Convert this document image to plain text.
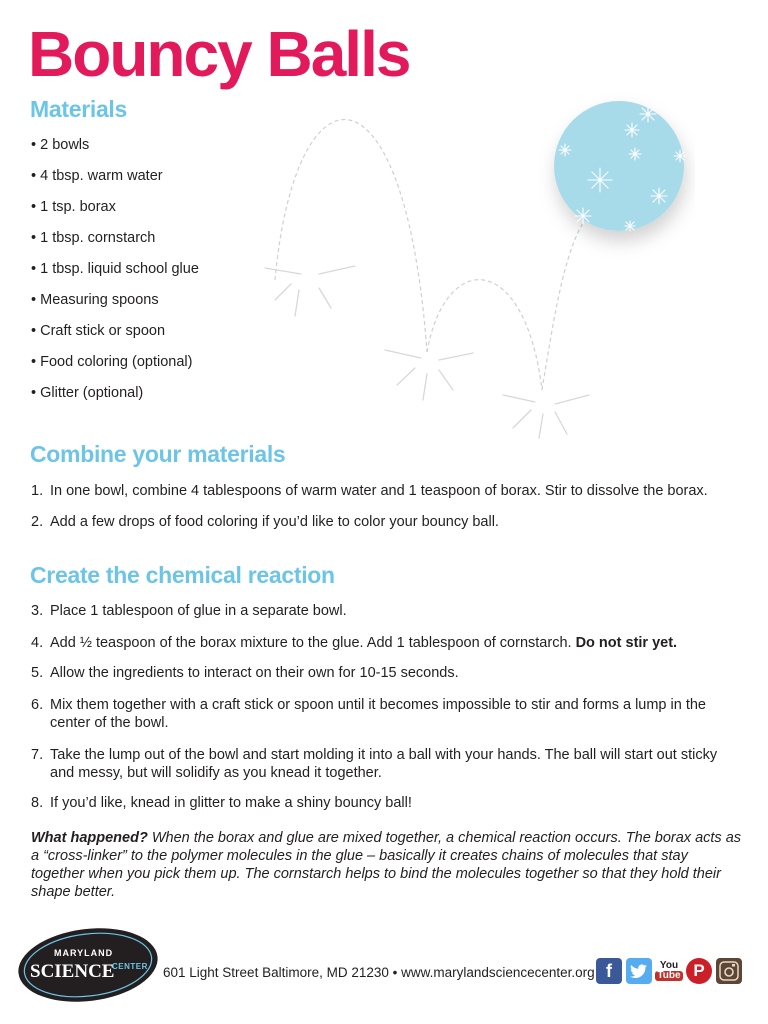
Bouncy Balls
Materials
• 2 bowls
• 4 tbsp. warm water
• 1 tsp. borax
• 1 tbsp. cornstarch
• 1 tbsp. liquid school glue
• Measuring spoons
• Craft stick or spoon
• Food coloring (optional)
• Glitter (optional)
Combine your materials
1. In one bowl, combine 4 tablespoons of warm water and 1 teaspoon of borax. Stir to dissolve the borax.
2. Add a few drops of food coloring if you’d like to color your bouncy ball.
Create the chemical reaction
3. Place 1 tablespoon of glue in a separate bowl.
4. Add ½ teaspoon of the borax mixture to the glue. Add 1 tablespoon of cornstarch. Do not stir yet.
5. Allow the ingredients to interact on their own for 10-15 seconds.
6. Mix them together with a craft stick or spoon until it becomes impossible to stir and forms a lump in the center of the bowl.
7. Take the lump out of the bowl and start molding it into a ball with your hands. The ball will start out sticky and messy, but will solidify as you knead it together.
8. If you’d like, knead in glitter to make a shiny bouncy ball!
What happened? When the borax and glue are mixed together, a chemical reaction occurs. The borax acts as a “cross-linker” to the polymer molecules in the glue – basically it creates chains of molecules that stay together when you pick them up. The cornstarch helps to bind the molecules together so that they hold their shape better.
MARYLAND
SCIENCE
CENTER 601 Light Street Baltimore, MD 21230 • www.marylandsciencecenter.org f	You
Tube P
